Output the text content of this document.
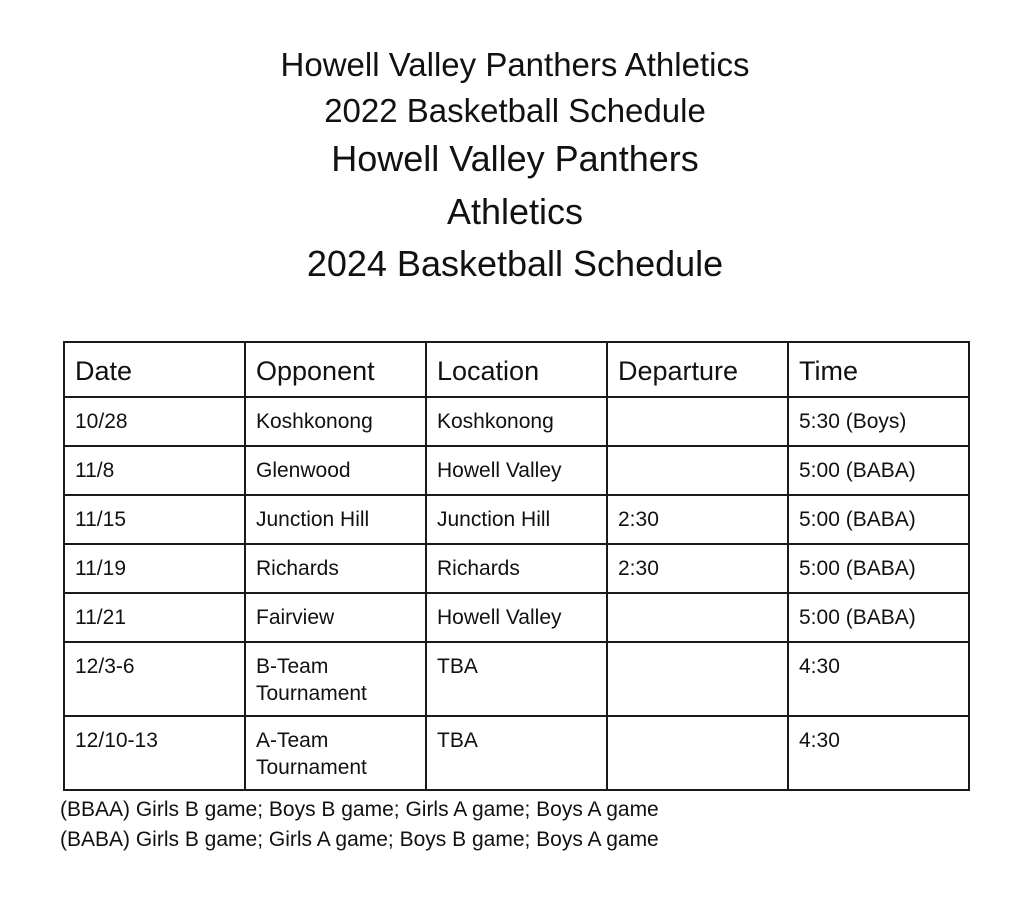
Howell Valley Panthers Athletics
2022 Basketball Schedule
Howell Valley Panthers
Athletics
2024 Basketball Schedule
Date	Opponent	Location	Departure	Time
10/28	Koshkonong	Koshkonong		5:30 (Boys)
11/8	Glenwood	Howell Valley		5:00 (BABA)
11/15	Junction Hill	Junction Hill	2:30	5:00 (BABA)
11/19	Richards	Richards	2:30	5:00 (BABA)
11/21	Fairview	Howell Valley		5:00 (BABA)
12/3-6	B-Team Tournament	TBA		4:30
12/10-13	A-Team Tournament	TBA		4:30
(BBAA) Girls B game; Boys B game; Girls A game; Boys A game
(BABA) Girls B game; Girls A game; Boys B game; Boys A game
